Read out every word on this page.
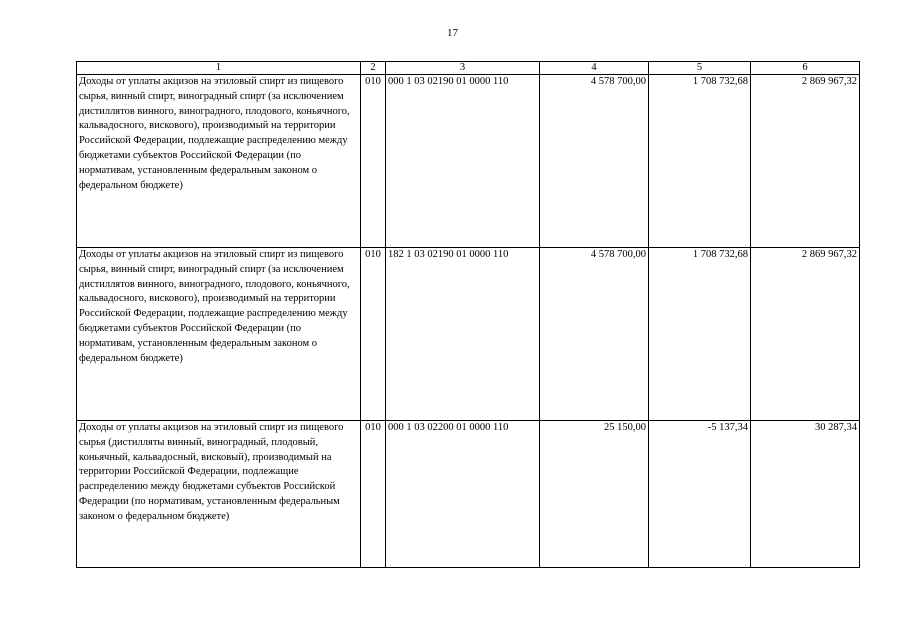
17
1	2	3	4	5	6
Доходы от уплаты акцизов на этиловый спирт из пищевого сырья, винный спирт, виноградный спирт (за исключением дистиллятов винного, виноградного, плодового, коньячного, кальвадосного, вискового), производимый на территории Российской Федерации, подлежащие распределению между бюджетами субъектов Российской Федерации (по нормативам, установленным федеральным законом о федеральном бюджете)	010	000 1 03 02190 01 0000 110	4 578 700,00	1 708 732,68	2 869 967,32
Доходы от уплаты акцизов на этиловый спирт из пищевого сырья, винный спирт, виноградный спирт (за исключением дистиллятов винного, виноградного, плодового, коньячного, кальвадосного, вискового), производимый на территории Российской Федерации, подлежащие распределению между бюджетами субъектов Российской Федерации (по нормативам, установленным федеральным законом о федеральном бюджете)	010	182 1 03 02190 01 0000 110	4 578 700,00	1 708 732,68	2 869 967,32
Доходы от уплаты акцизов на этиловый спирт из пищевого сырья (дистилляты винный, виноградный, плодовый, коньячный, кальвадосный, висковый), производимый на территории Российской Федерации, подлежащие распределению между бюджетами субъектов Российской Федерации (по нормативам, установленным федеральным законом о федеральном бюджете)	010	000 1 03 02200 01 0000 110	25 150,00	-5 137,34	30 287,34
